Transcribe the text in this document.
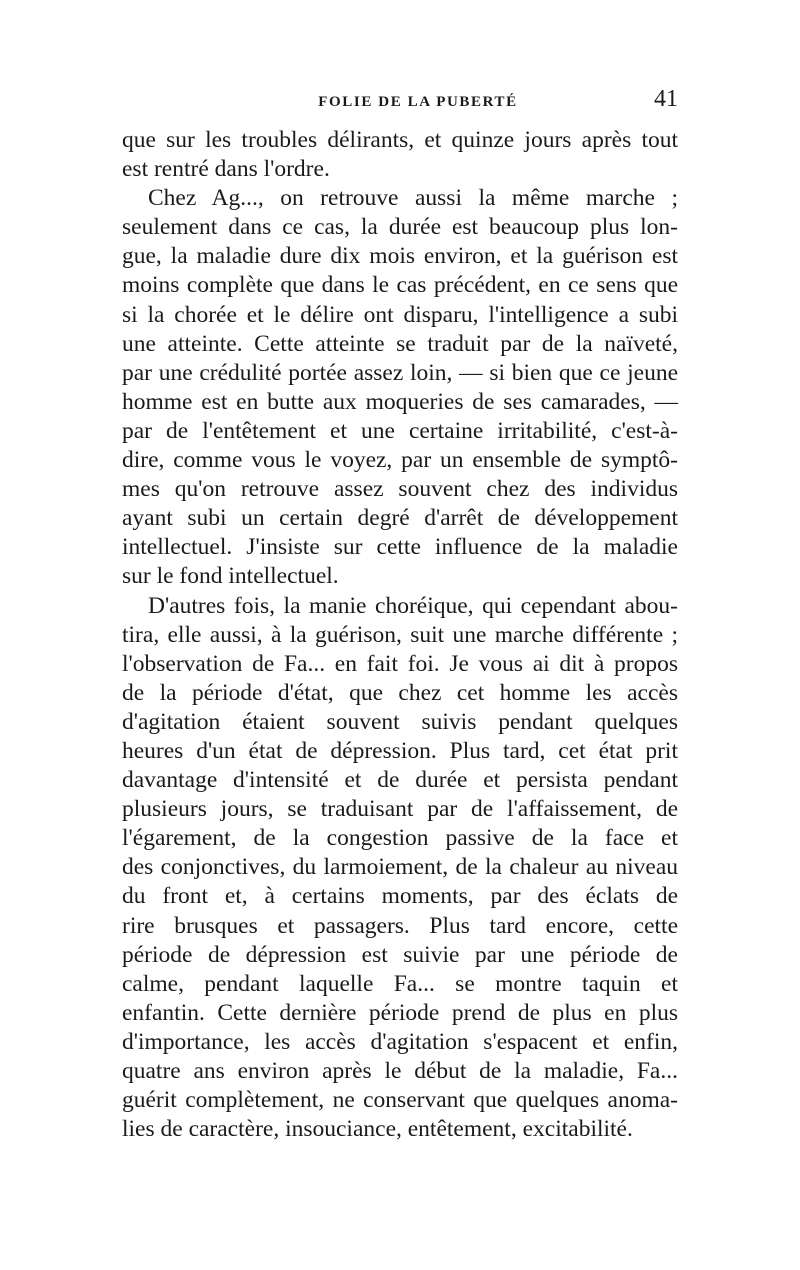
FOLIE DE LA PUBERTÉ	41
que sur les troubles délirants, et quinze jours après tout
est rentré dans l'ordre.
Chez Ag..., on retrouve aussi la même marche ;
seulement dans ce cas, la durée est beaucoup plus lon-
gue, la maladie dure dix mois environ, et la guérison est
moins complète que dans le cas précédent, en ce sens que
si la chorée et le délire ont disparu, l'intelligence a subi
une atteinte. Cette atteinte se traduit par de la naïveté,
par une crédulité portée assez loin, — si bien que ce jeune
homme est en butte aux moqueries de ses camarades, —
par de l'entêtement et une certaine irritabilité, c'est-à-
dire, comme vous le voyez, par un ensemble de symptô-
mes qu'on retrouve assez souvent chez des individus
ayant subi un certain degré d'arrêt de développement
intellectuel. J'insiste sur cette influence de la maladie
sur le fond intellectuel.
D'autres fois, la manie choréique, qui cependant abou-
tira, elle aussi, à la guérison, suit une marche différente ;
l'observation de Fa... en fait foi. Je vous ai dit à propos
de la période d'état, que chez cet homme les accès
d'agitation étaient souvent suivis pendant quelques
heures d'un état de dépression. Plus tard, cet état prit
davantage d'intensité et de durée et persista pendant
plusieurs jours, se traduisant par de l'affaissement, de
l'égarement, de la congestion passive de la face et
des conjonctives, du larmoiement, de la chaleur au niveau
du front et, à certains moments, par des éclats de
rire brusques et passagers. Plus tard encore, cette
période de dépression est suivie par une période de
calme, pendant laquelle Fa... se montre taquin et
enfantin. Cette dernière période prend de plus en plus
d'importance, les accès d'agitation s'espacent et enfin,
quatre ans environ après le début de la maladie, Fa...
guérit complètement, ne conservant que quelques anoma-
lies de caractère, insouciance, entêtement, excitabilité.
